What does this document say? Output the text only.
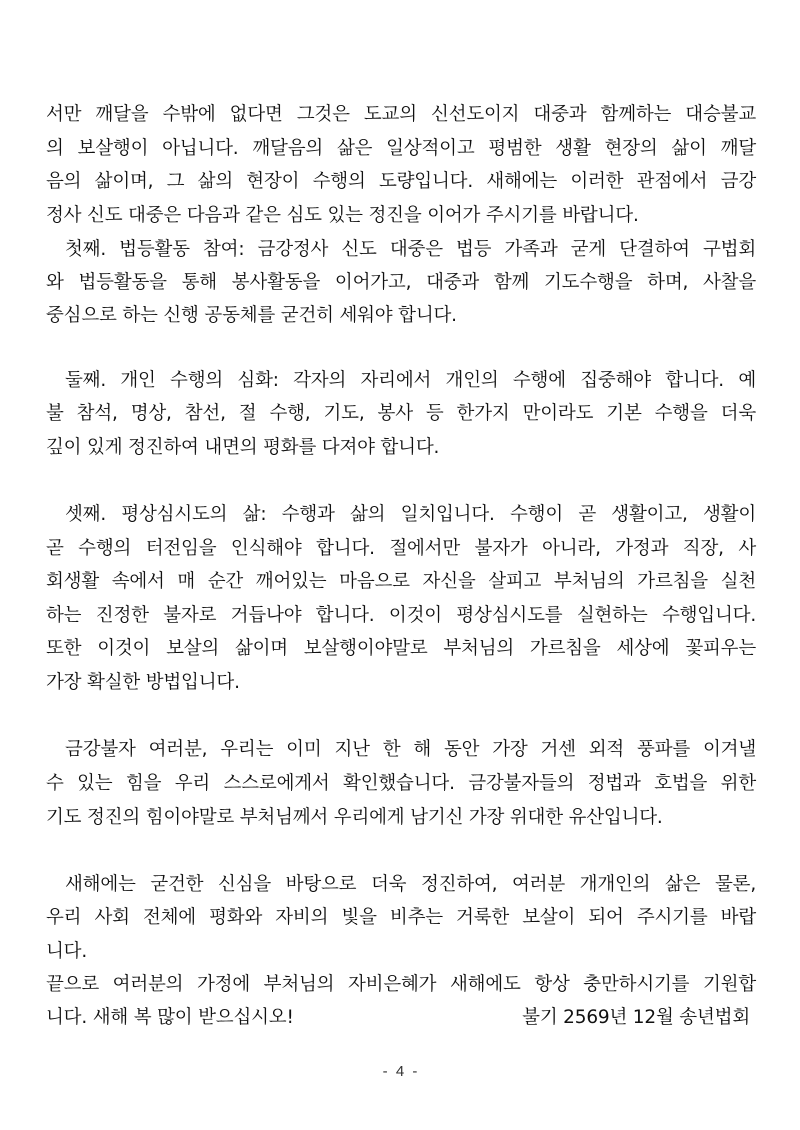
서만 깨달을 수밖에 없다면 그것은 도교의 신선도이지 대중과 함께하는 대승불교
의 보살행이 아닙니다. 깨달음의 삶은 일상적이고 평범한 생활 현장의 삶이 깨달
음의 삶이며, 그 삶의 현장이 수행의 도량입니다. 새해에는 이러한 관점에서 금강
정사 신도 대중은 다음과 같은 심도 있는 정진을 이어가 주시기를 바랍니다.
첫째. 법등활동 참여: 금강정사 신도 대중은 법등 가족과 굳게 단결하여 구법회
와 법등활동을 통해 봉사활동을 이어가고, 대중과 함께 기도수행을 하며, 사찰을
중심으로 하는 신행 공동체를 굳건히 세워야 합니다.
둘째. 개인 수행의 심화: 각자의 자리에서 개인의 수행에 집중해야 합니다. 예
불 참석, 명상, 참선, 절 수행, 기도, 봉사 등 한가지 만이라도 기본 수행을 더욱
깊이 있게 정진하여 내면의 평화를 다져야 합니다.
셋째. 평상심시도의 삶: 수행과 삶의 일치입니다. 수행이 곧 생활이고, 생활이
곧 수행의 터전임을 인식해야 합니다. 절에서만 불자가 아니라, 가정과 직장, 사
회생활 속에서 매 순간 깨어있는 마음으로 자신을 살피고 부처님의 가르침을 실천
하는 진정한 불자로 거듭나야 합니다. 이것이 평상심시도를 실현하는 수행입니다.
또한 이것이 보살의 삶이며 보살행이야말로 부처님의 가르침을 세상에 꽃피우는
가장 확실한 방법입니다.
금강불자 여러분, 우리는 이미 지난 한 해 동안 가장 거센 외적 풍파를 이겨낼
수 있는 힘을 우리 스스로에게서 확인했습니다. 금강불자들의 정법과 호법을 위한
기도 정진의 힘이야말로 부처님께서 우리에게 남기신 가장 위대한 유산입니다.
새해에는 굳건한 신심을 바탕으로 더욱 정진하여, 여러분 개개인의 삶은 물론,
우리 사회 전체에 평화와 자비의 빛을 비추는 거룩한 보살이 되어 주시기를 바랍
니다.
끝으로 여러분의 가정에 부처님의 자비은혜가 새해에도 항상 충만하시기를 기원합
니다. 새해 복 많이 받으십시오!	불기 2569년 12월 송년법회
- 4 -
